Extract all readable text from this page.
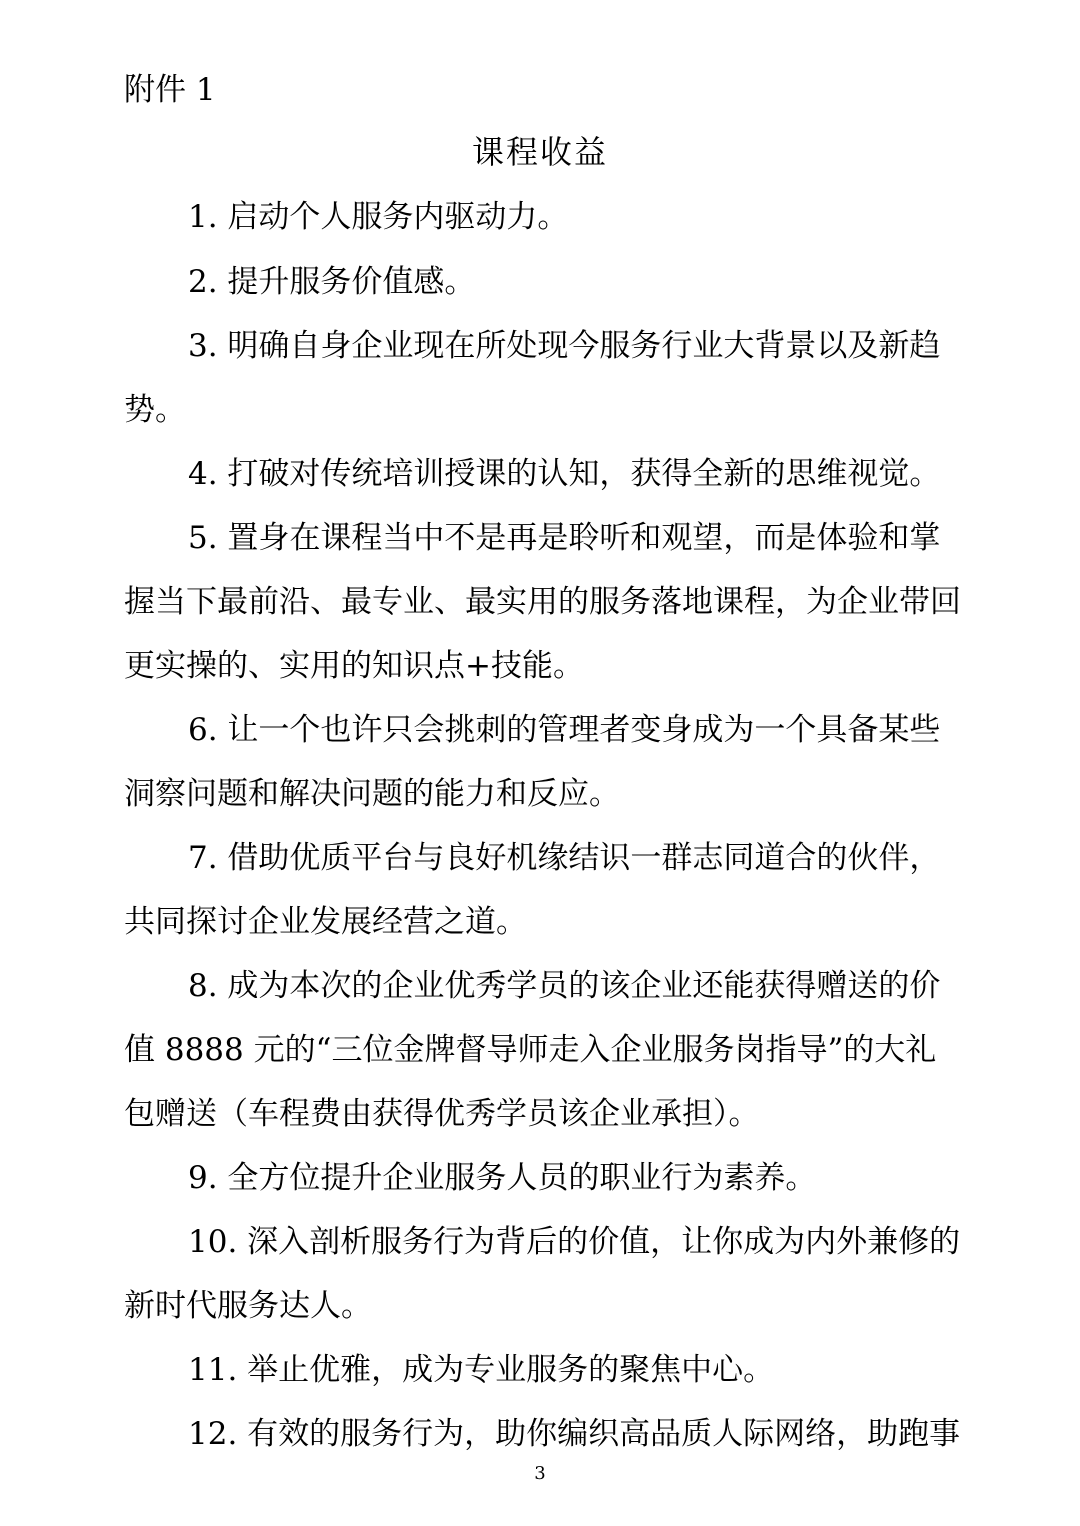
附件 1
课程收益
1. 启动个人服务内驱动力。
2. 提升服务价值感。
3. 明确自身企业现在所处现今服务行业大背景以及新趋
势。
4. 打破对传统培训授课的认知，获得全新的思维视觉。
5. 置身在课程当中不是再是聆听和观望，而是体验和掌
握当下最前沿、最专业、最实用的服务落地课程，为企业带回
更实操的、实用的知识点+技能。
6. 让一个也许只会挑刺的管理者变身成为一个具备某些
洞察问题和解决问题的能力和反应。
7. 借助优质平台与良好机缘结识一群志同道合的伙伴，
共同探讨企业发展经营之道。
8. 成为本次的企业优秀学员的该企业还能获得赠送的价
值 8888 元的“三位金牌督导师走入企业服务岗指导”的大礼
包赠送（车程费由获得优秀学员该企业承担）。
9. 全方位提升企业服务人员的职业行为素养。
10. 深入剖析服务行为背后的价值，让你成为内外兼修的
新时代服务达人。
11. 举止优雅，成为专业服务的聚焦中心。
12. 有效的服务行为，助你编织高品质人际网络，助跑事
3
